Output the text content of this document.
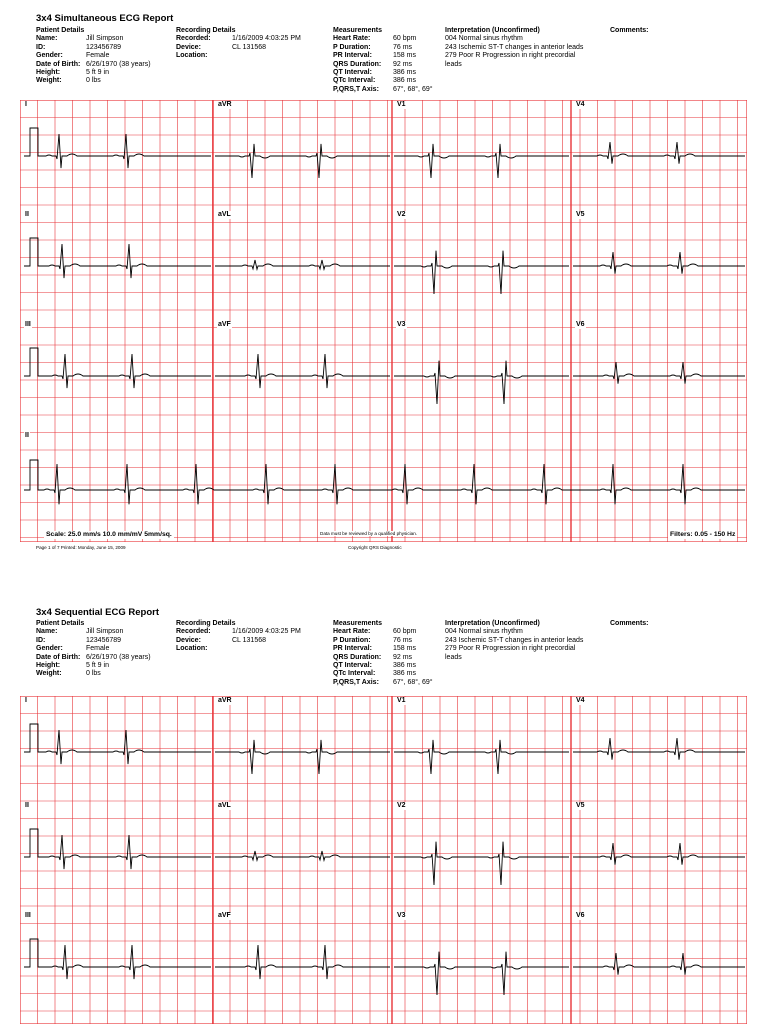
3x4 Simultaneous ECG Report
Patient Details
Name:	Jill Simpson
ID:	123456789
Gender:	Female
Date of Birth: 6/26/1970 (38 years)
Height:	5 ft 9 in
Weight:	0 lbs
Recording Details
Recorded:	1/16/2009 4:03:25 PM
Device:	CL 131568
Location:
Measurements
Heart Rate:	60 bpm
P Duration:	76 ms
PR Interval:	158 ms
QRS Duration:	92 ms
QT Interval:	386 ms
QTc Interval:	386 ms
P,QRS,T Axis:	67°, 68°, 69°
Interpretation (Unconfirmed)
004 Normal sinus rhythm
243 Ischemic ST-T changes in anterior leads
279 Poor R Progression in right precordial
leads
Comments:
I	aVR	V1	V4
II	aVL	V2	V5
III	aVF	V3	V6
II
Scale: 25.0 mm/s 10.0 mm/mV 5mm/sq.	Data must be reviewed by a qualified physician.	Filters: 0.05 - 150 Hz
Page 1 of 7 Printed: Monday, June 15, 2009	Copyright QRS Diagnostic
3x4 Sequential ECG Report
Patient Details
Name:	Jill Simpson
ID:	123456789
Gender:	Female
Date of Birth: 6/26/1970 (38 years)
Height:	5 ft 9 in
Weight:	0 lbs
Recording Details
Recorded:	1/16/2009 4:03:25 PM
Device:	CL 131568
Location:
Measurements
Heart Rate:	60 bpm
P Duration:	76 ms
PR Interval:	158 ms
QRS Duration:	92 ms
QT Interval:	386 ms
QTc Interval:	386 ms
P,QRS,T Axis:	67°, 68°, 69°
Interpretation (Unconfirmed)
004 Normal sinus rhythm
243 Ischemic ST-T changes in anterior leads
279 Poor R Progression in right precordial
leads
Comments:
I	aVR	V1	V4
II	aVL	V2	V5
III	aVF	V3	V6
